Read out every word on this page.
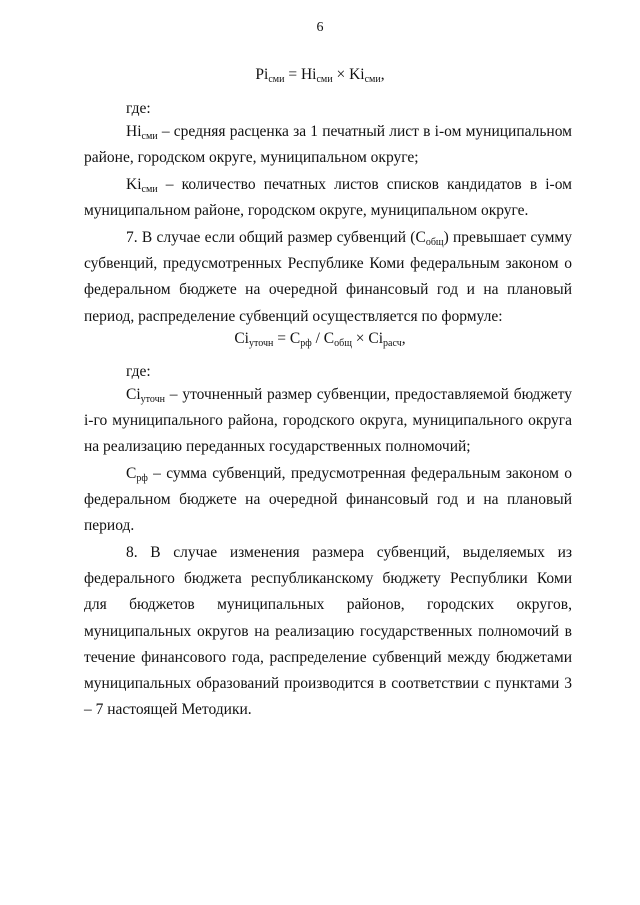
6
$Pi_{сми} = Hi_{сми} \times Ki_{сми}$,
где:
$Hi_{сми}$ – средняя расценка за 1 печатный лист в i-ом муниципальном районе, городском округе, муниципальном округе;
$Ki_{сми}$ – количество печатных листов списков кандидатов в i-ом муниципальном районе, городском округе, муниципальном округе.
7. В случае если общий размер субвенций $(С_{общ})$ превышает сумму субвенций, предусмотренных Республике Коми федеральным законом о федеральном бюджете на очередной финансовый год и на плановый период, распределение субвенций осуществляется по формуле:
$Ci_{уточн} = С_{рф} / С_{общ} \times Ci_{расч}$,
где:
$Ci_{уточн}$ – уточненный размер субвенции, предоставляемой бюджету i-го муниципального района, городского округа, муниципального округа на реализацию переданных государственных полномочий;
$С_{рф}$ – сумма субвенций, предусмотренная федеральным законом о федеральном бюджете на очередной финансовый год и на плановый период.
8. В случае изменения размера субвенций, выделяемых из федерального бюджета республиканскому бюджету Республики Коми для бюджетов муниципальных районов, городских округов, муниципальных округов на реализацию государственных полномочий в течение финансового года, распределение субвенций между бюджетами муниципальных образований производится в соответствии с пунктами 3 – 7 настоящей Методики.
